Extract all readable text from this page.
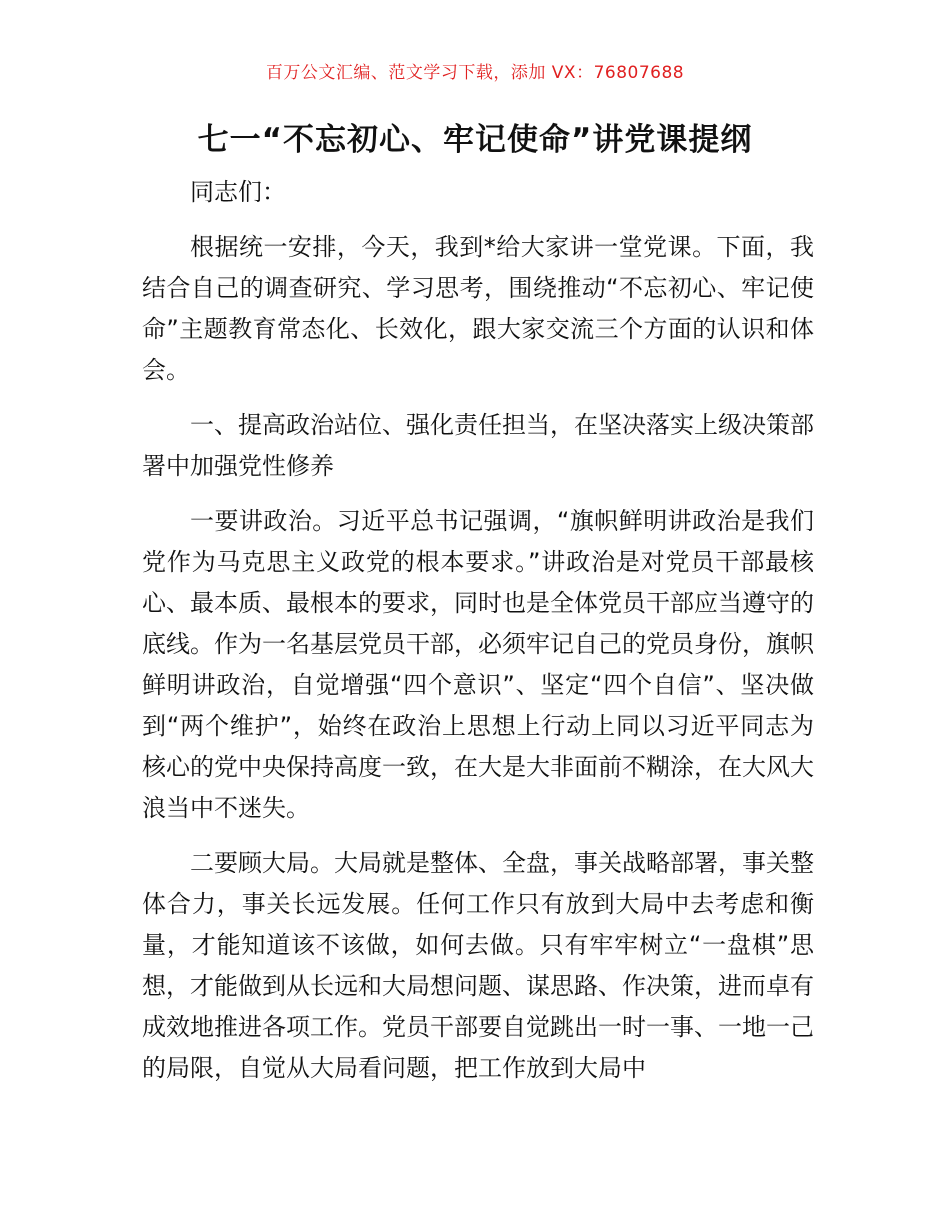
百万公文汇编、范文学习下载，添加 VX：76807688
七一“不忘初心、牢记使命”讲党课提纲

同志们：

根据统一安排，今天，我到*给大家讲一堂党课。下面，我结合自己的调查研究、学习思考，围绕推动“不忘初心、牢记使命”主题教育常态化、长效化，跟大家交流三个方面的认识和体会。

一、提高政治站位、强化责任担当，在坚决落实上级决策部署中加强党性修养

一要讲政治。习近平总书记强调，“旗帜鲜明讲政治是我们党作为马克思主义政党的根本要求。”讲政治是对党员干部最核心、最本质、最根本的要求，同时也是全体党员干部应当遵守的底线。作为一名基层党员干部，必须牢记自己的党员身份，旗帜鲜明讲政治，自觉增强“四个意识”、坚定“四个自信”、坚决做到“两个维护”，始终在政治上思想上行动上同以习近平同志为核心的党中央保持高度一致，在大是大非面前不糊涂，在大风大浪当中不迷失。

二要顾大局。大局就是整体、全盘，事关战略部署，事关整体合力，事关长远发展。任何工作只有放到大局中去考虑和衡量，才能知道该不该做，如何去做。只有牢牢树立“一盘棋”思想，才能做到从长远和大局想问题、谋思路、作决策，进而卓有成效地推进各项工作。党员干部要自觉跳出一时一事、一地一己的局限，自觉从大局看问题，把工作放到大局中
